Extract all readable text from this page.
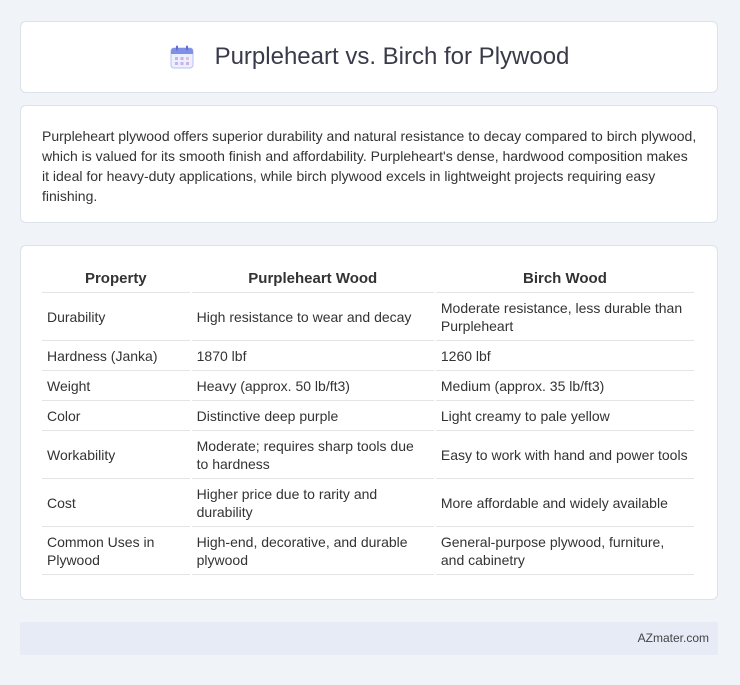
Purpleheart vs. Birch for Plywood

Purpleheart plywood offers superior durability and natural resistance to decay compared to birch plywood, which is valued for its smooth finish and affordability. Purpleheart's dense, hardwood composition makes it ideal for heavy-duty applications, while birch plywood excels in lightweight projects requiring easy finishing.

Property	Purpleheart Wood	Birch Wood
Durability	High resistance to wear and decay	Moderate resistance, less durable than Purpleheart
Hardness (Janka)	1870 lbf	1260 lbf
Weight	Heavy (approx. 50 lb/ft3)	Medium (approx. 35 lb/ft3)
Color	Distinctive deep purple	Light creamy to pale yellow
Workability	Moderate; requires sharp tools due to hardness	Easy to work with hand and power tools
Cost	Higher price due to rarity and durability	More affordable and widely available
Common Uses in Plywood	High-end, decorative, and durable plywood	General-purpose plywood, furniture, and cabinetry
AZmater.com
